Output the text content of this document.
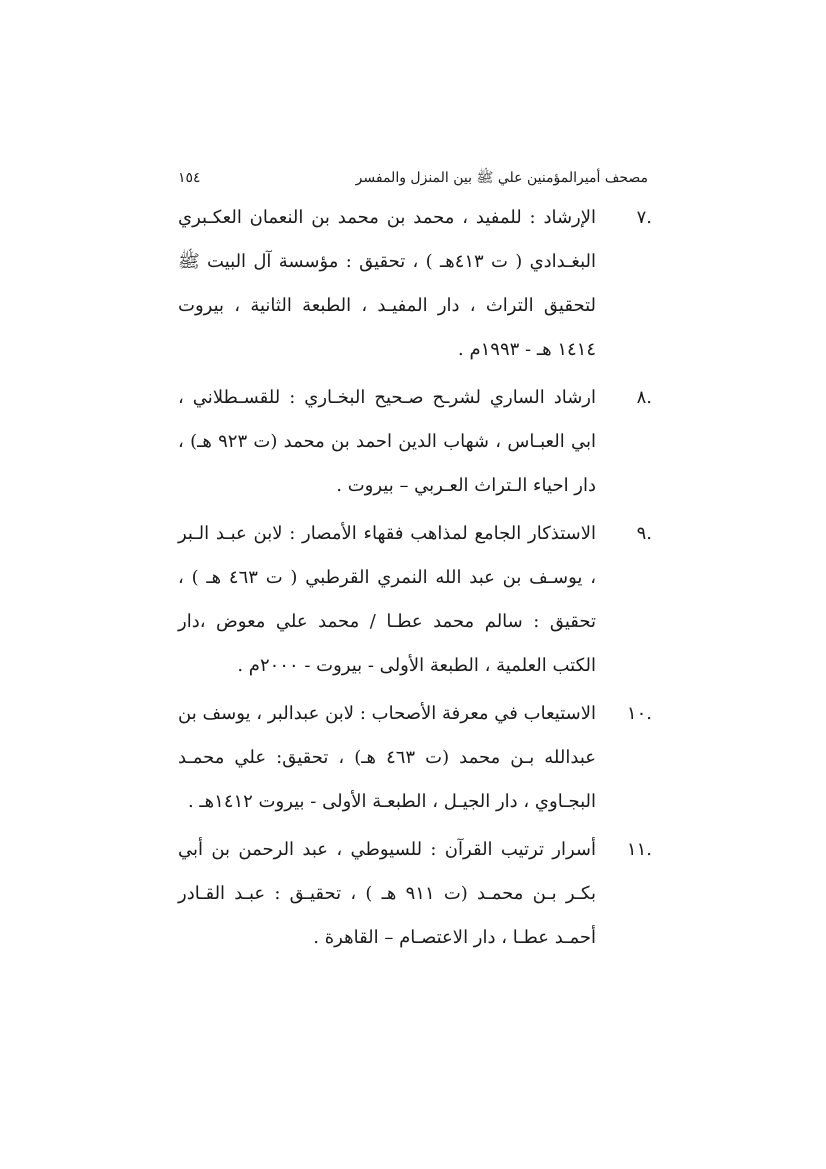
مصحف أميرالمؤمنين علي ﷺ بين المنزل والمفسر
١٥٤
.٧
الإرشاد : للمفيد ، محمد بن محمد بن النعمان العكـبري البغـدادي ( ت ٤١٣هـ ) ، تحقيق : مؤسسة آل البيت ﷺ لتحقيق التراث ، دار المفيـد ، الطبعة الثانية ، بيروت ١٤١٤ هـ - ١٩٩٣م .
.٨
ارشاد الساري لشرـح صـحيح البخـاري : للقسـطلاني ، ابي العبـاس ، شهاب الدين احمد بن محمد (ت ٩٢٣ هـ) ، دار احياء الـتراث العـربي – بيروت .
.٩
الاستذكار الجامع لمذاهب فقهاء الأمصار : لابن عبـد الـبر ، يوسـف بن عبد الله النمري القرطبي ( ت ٤٦٣ هـ ) ، تحقيق : سالم محمد عطـا / محمد علي معوض ،دار الكتب العلمية ، الطبعة الأولى - بيروت - ٢٠٠٠م .
.١٠
الاستيعاب في معرفة الأصحاب : لابن عبدالبر ، يوسف بن عبدالله بـن محمد (ت ٤٦٣ هـ) ، تحقيق: علي محمـد البجـاوي ، دار الجيـل ، الطبعـة الأولى - بيروت ١٤١٢هـ .
.١١
أسرار ترتيب القرآن : للسيوطي ، عبد الرحمن بن أبي بكـر بـن محمـد (ت ٩١١ هـ ) ، تحقيـق : عبـد القـادر أحمـد عطـا ، دار الاعتصـام – القاهرة .
